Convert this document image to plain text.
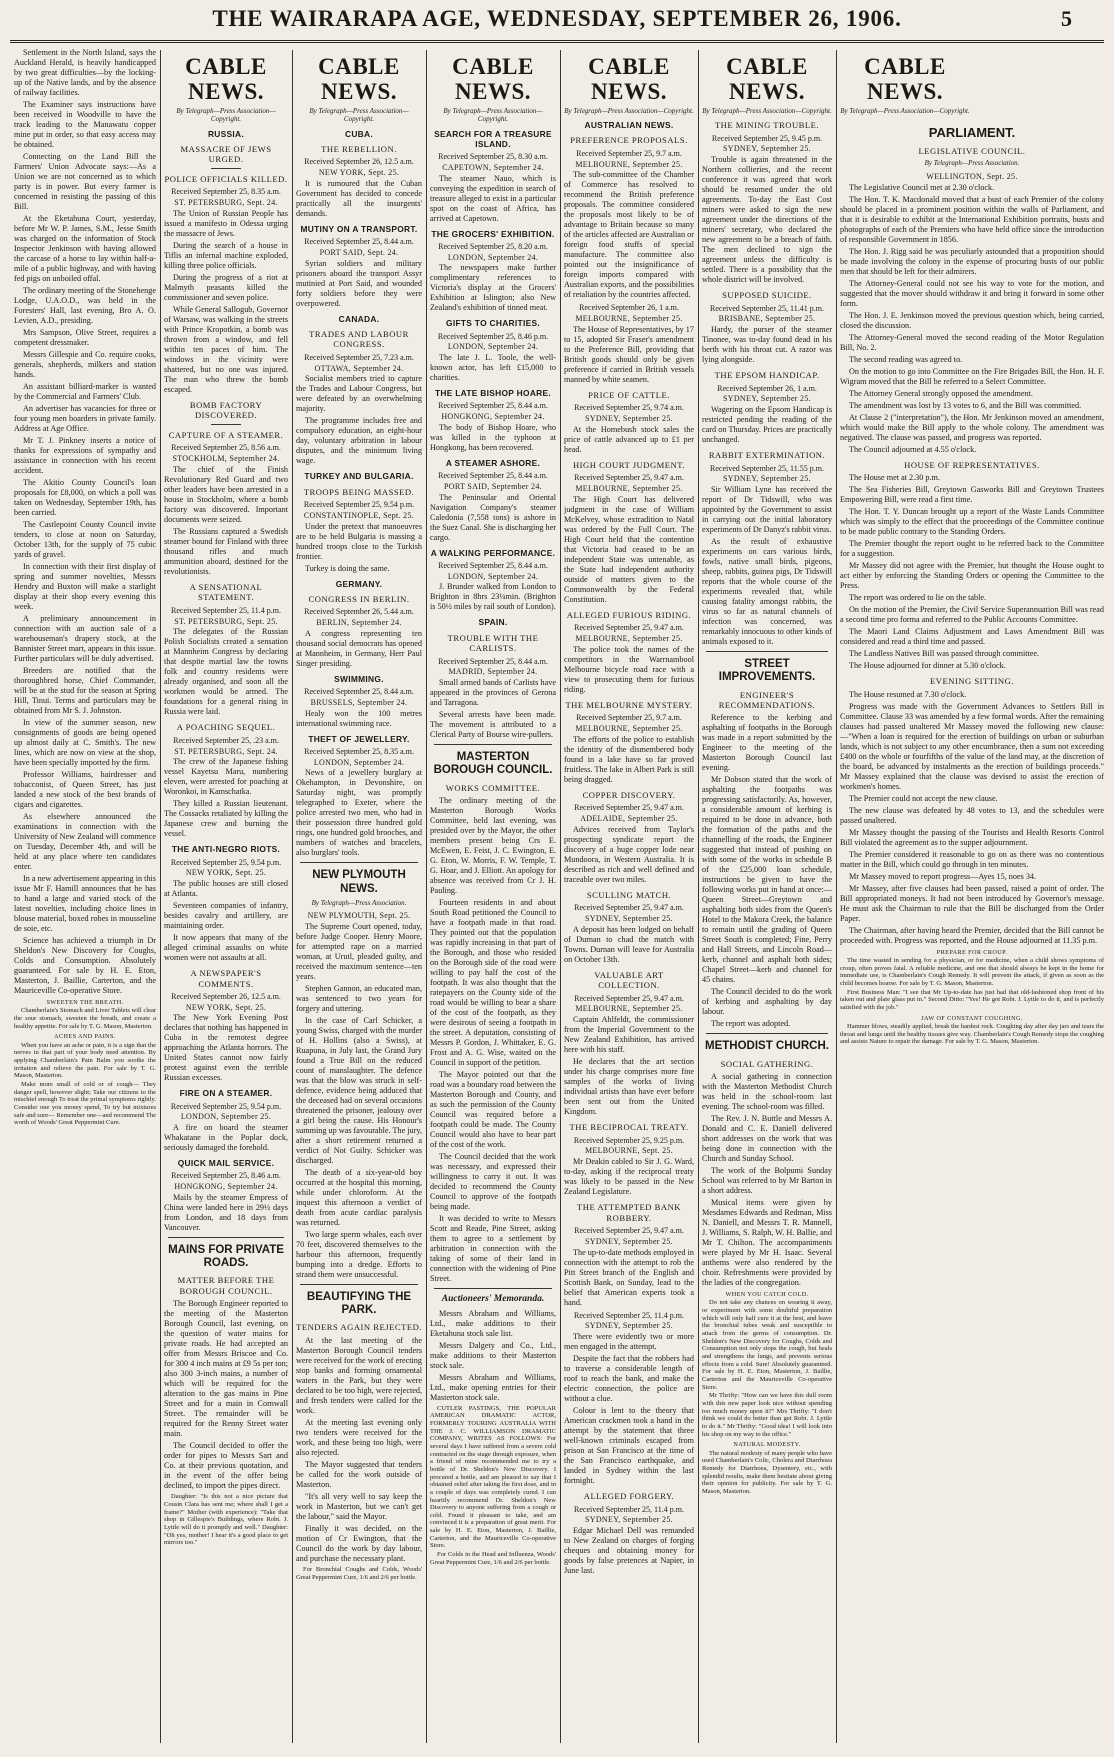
THE WAIRARAPA AGE, WEDNESDAY, SEPTEMBER 26, 1906.	5

Settlement in the North Island, says the Auckland Herald, is heavily handicapped by two great difficulties—by the locking-up of the Native lands, and by the absence of railway facilities.

The Examiner says instructions have been received in Woodville to have the track leading to the Manawatu copper mine put in order, so that easy access may be obtained.

Connecting on the Land Bill the Farmers' Union Advocate says:—As a Union we are not concerned as to which party is in power. But every farmer is concerned in resisting the passing of this Bill.

At the Eketahuna Court, yesterday, before Mr W. P. James, S.M., Jesse Smith was charged on the information of Stock Inspector Jenkinson with having allowed the carcase of a horse to lay within half-a-mile of a public highway, and with having fed pigs on unboiled offal.

The ordinary meeting of the Stonehenge Lodge, U.A.O.D., was held in the Foresters' Hall, last evening, Bro A. O. Levien, A.D., presiding.

Mrs Sampson, Olive Street, requires a competent dressmaker.

Messrs Gillespie and Co. require cooks, generals, shepherds, milkers and station hands.

An assistant billiard-marker is wanted by the Commercial and Farmers' Club.

An advertiser has vacancies for three or four young men boarders in private family. Address at Age Office.

Mr T. J. Pinkney inserts a notice of thanks for expressions of sympathy and assistance in connection with his recent accident.

The Akitio County Council's loan proposals for £8,000, on which a poll was taken on Wednesday, September 19th, has been carried.

The Castlepoint County Council invite tenders, to close at noon on Saturday, October 13th, for the supply of 75 cubic yards of gravel.

In connection with their first display of spring and summer novelties, Messrs Hendry and Buxton will make a starlight display at their shop every evening this week.

A preliminary announcement in connection with an auction sale of a warehouseman's drapery stock, at the Bannister Street mart, appears in this issue. Further particulars will be duly advertised.

Breeders are notified that the thoroughbred horse, Chief Commander, will be at the stud for the season at Spring Hill, Tinui. Terms and particulars may be obtained from Mr S. J. Johnston.

In view of the summer season, new consignments of goods are being opened up almost daily at C. Smith's. The new lines, which are now on view at the shop, have been specially imported by the firm.

Professor Williams, hairdresser and tobacconist, of Queen Street, has just landed a new stock of the best brands of cigars and cigarettes.

As elsewhere announced the examinations in connection with the University of New Zealand will commence on Tuesday, December 4th, and will be held at any place where ten candidates enter.

In a new advertisement appearing in this issue Mr F. Hamill announces that he has to hand a large and varied stock of the latest novelties, including choice lines in blouse material, boxed robes in mousseline de soie, etc.

Science has achieved a triumph in Dr Sheldon's New Discovery for Coughs, Colds and Consumption. Absolutely guaranteed. For sale by H. E. Eton, Masterton, J. Baillie, Carterton, and the Mauriceville Co-operative Store.

SWEETEN THE BREATH.

Chamberlain's Stomach and Liver Tablets will clear the sour stomach, sweeten the breath, and create a healthy appetite. For sale by T. G. Mason, Masterton.

ACHES AND PAINS.

When you have an ache or pain, it is a sign that the nerves in that part of your body need attention. By applying Chamberlain's Pain Balm you soothe the irritation and relieve the pain. For sale by T. G. Mason, Masterton.

Make more small of cold or of cough— They danger spell, however slight; Take our citizens to the mischief enough To treat the primal symptoms rightly. Consider one you money spend, To try but mixtures safe and sure— Remember one—and recommend The worth of Woods' Great Peppermint Cure.

CABLE NEWS.
By Telegraph—Press Association—Copyright.
RUSSIA.
MASSACRE OF JEWS URGED.
POLICE OFFICIALS KILLED.
Received September 25, 8.35 a.m.
ST. PETERSBURG, Sept. 24.

The Union of Russian People has issued a manifesto in Odessa urging the massacre of Jews.

During the search of a house in Tiflis an infernal machine exploded, killing three police officials.

During the progress of a riot at Malmyth peasants killed the commissioner and seven police.

While General Sallogub, Governor of Warsaw, was walking in the streets with Prince Kropotkin, a bomb was thrown from a window, and fell within ten paces of him. The windows in the vicinity were shattered, but no one was injured. The man who threw the bomb escaped.

BOMB FACTORY DISCOVERED.
CAPTURE OF A STEAMER.
Received September 25, 8.56 a.m.
STOCKHOLM, September 24.

The chief of the Finish Revolutionary Red Guard and two other leaders have been arrested in a house in Stockholm, where a bomb factory was discovered. Important documents were seized.

The Russians captured a Swedish steamer bound for Finland with three thousand rifles and much ammunition aboard, destined for the revolutionists.

A SENSATIONAL STATEMENT.
Received September 25, 11.4 p.m.
ST. PETERSBURG, Sept. 25.

The delegates of the Russian Polish Socialists created a sensation at Mannheim Congress by declaring that despite martial law the towns folk and country residents were already organised, and soon all the workmen would be armed. The foundations for a general rising in Russia were laid.

A POACHING SEQUEL.
Received September 25, .23 a.m.
ST. PETERSBURG, Sept. 24.

The crew of the Japanese fishing vessel Kayetsu Maru, numbering eleven, were arrested for poaching at Woronkoi, in Kamschatka.

They killed a Russian lieutenant. The Cossacks retaliated by killing the Japanese crew and burning the vessel.

THE ANTI-NEGRO RIOTS.
Received September 25, 9.54 p.m.
NEW YORK, Sept. 25.

The public houses are still closed at Atlanta.

Seventeen companies of infantry, besides cavalry and artillery, are maintaining order.

It now appears that many of the alleged criminal assaults on white women were not assaults at all.

A NEWSPAPER'S COMMENTS.
Received September 26, 12.5 a.m.
NEW YORK, Sept. 25.

The New York Evening Post declares that nothing has happened in Cuba in the remotest degree approaching the Atlanta horrors. The United States cannot now fairly protest against even the terrible Russian excesses.

FIRE ON A STEAMER.
Received September 25, 9.54 p.m.
LONDON, September 25.

A fire on board the steamer Whakatane in the Poplar dock, seriously damaged the forehold.

QUICK MAIL SERVICE.
Received September 25, 8.46 a.m.
HONGKONG, September 24.

Mails by the steamer Empress of China were landed here in 29½ days from London, and 18 days from Vancouver.

MAINS FOR PRIVATE ROADS.
MATTER BEFORE THE BOROUGH COUNCIL.

The Borough Engineer reported to the meeting of the Masterton Borough Council, last evening, on the question of water mains for private roads. He had accepted an offer from Messrs Briscoe and Co. for 300 4 inch mains at £9 5s per ton; also 300 3-inch mains, a number of which will be required for the alteration to the gas mains in Pine Street and for a main in Cornwall Street. The remainder will be required for the Renny Street water main.

The Council decided to offer the order for pipes to Messrs Sart and Co. at their previous quotation, and in the event of the offer being declined, to import the pipes direct.

Daughter: "Is this not a nice picture that Cousin Clara has sent me; where shall I get a frame?" Mother (with experience): "Take that shop in Gillespie's Buildings, where Robt. J. Lyttle will do it promptly and well." Daughter: "Oh yes, mother! I hear it's a good place to get mirrors too."

CABLE NEWS.
By Telegraph—Press Association—Copyright.
CUBA.
THE REBELLION.
Received September 26, 12.5 a.m.
NEW YORK, Sept. 25.

It is rumoured that the Cuban Government has decided to concede practically all the insurgents' demands.

MUTINY ON A TRANSPORT.
Received September 25, 8.44 a.m.
PORT SAID, Sept. 24.

Syrian soldiers and military prisoners aboard the transport Assyr mutinied at Port Said, and wounded forty soldiers before they were overpowered.

CANADA.
TRADES AND LABOUR CONGRESS.
Received September 25, 7.23 a.m.
OTTAWA, September 24.

Socialist members tried to capture the Trades and Labour Congress, but were defeated by an overwhelming majority.

The programme includes free and compulsory education, an eight-hour day, voluntary arbitration in labour disputes, and the minimum living wage.

TURKEY AND BULGARIA.
TROOPS BEING MASSED.
Received September 25, 9.54 p.m.
CONSTANTINOPLE, Sept. 25.

Under the pretext that manoeuvres are to be held Bulgaria is massing a hundred troops close to the Turkish frontier.

Turkey is doing the same.

GERMANY.
CONGRESS IN BERLIN.
Received September 26, 5.44 a.m.
BERLIN, September 24.

A congress representing ten thousand social democrats has opened at Mannheim, in Germany, Herr Paul Singer presiding.

SWIMMING.
Received September 25, 8.44 a.m.
BRUSSELS, September 24.

Healy won the 100 metres international swimming race.

THEFT OF JEWELLERY.
Received September 25, 8.35 a.m.
LONDON, September 24.

News of a jewellery burglary at Okehampton, in Devonshire, on Saturday night, was promptly telegraphed to Exeter, where the police arrested two men, who had in their possession three hundred gold rings, one hundred gold brooches, and numbers of watches and bracelets, also burglars' tools.

NEW PLYMOUTH NEWS.
By Telegraph—Press Association.
NEW PLYMOUTH, Sept. 25.

The Supreme Court opened, today, before Judge Cooper. Henry Moore, for attempted rape on a married woman, at Urutl, pleaded guilty, and received the maximum sentence—ten years.

Stephen Gannon, an educated man, was sentenced to two years for forgery and uttering.

In the case of Carl Schicker, a young Swiss, charged with the murder of H. Hollins (also a Swiss), at Ruapuna, in July last, the Grand Jury found a True Bill on the reduced count of manslaughter. The defence was that the blow was struck in self-defence, evidence being adduced that the deceased had on several occasions threatened the prisoner, jealousy over a girl being the cause. His Honour's summing up was favourable. The jury, after a short retirement returned a verdict of Not Guilty. Schicker was discharged.

The death of a six-year-old boy occurred at the hospital this morning, while under chloroform. At the inquest this afternoon a verdict of death from acute cardiac paralysis was returned.

Two large sperm whales, each over 70 feet, discovered themselves to the harbour this afternoon, frequently bumping into a dredge. Efforts to strand them were unsuccessful.

BEAUTIFYING THE PARK.
TENDERS AGAIN REJECTED.

At the last meeting of the Masterton Borough Council tenders were received for the work of erecting stop banks and forming ornamental waters in the Park, but they were declared to be too high, were rejected, and fresh tenders were called for the work.

At the meeting last evening only two tenders were received for the work, and these being too high, were also rejected.

The Mayor suggested that tenders be called for the work outside of Masterton.

"It's all very well to say keep the work in Masterton, but we can't get the labour," said the Mayor.

Finally it was decided, on the motion of Cr Ewington, that the Council do the work by day labour, and purchase the necessary plant.

For Bronchial Coughs and Colds, Woods' Great Peppermint Cure, 1/6 and 2/6 per bottle.

CABLE NEWS.
By Telegraph—Press Association—Copyright.
SEARCH FOR A TREASURE ISLAND.
Received September 25, 8.30 a.m.
CAPETOWN, September 24.

The steamer Nauo, which is conveying the expedition in search of treasure alleged to exist in a particular spot on the coast of Africa, has arrived at Capetown.

THE GROCERS' EXHIBITION.
Received September 25, 8.20 a.m.
LONDON, September 24.

The newspapers make further complimentary references to Victoria's display at the Grocers' Exhibition at Islington; also New Zealand's exhibition of tinned meat.

GIFTS TO CHARITIES.
Received September 25, 8.46 p.m.
LONDON, September 24.

The late J. L. Toole, the well-known actor, has left £15,000 to charities.

THE LATE BISHOP HOARE.
Received September 25, 8.44 a.m.
HONGKONG, September 24.

The body of Bishop Hoare, who was killed in the typhoon at Hongkong, has been recovered.

A STEAMER ASHORE.
Received September 25, 8.44 a.m.
PORT SAID, September 24.

The Peninsular and Oriental Navigation Company's steamer Caledonia (7,558 tons) is ashore in the Suez Canal. She is discharging her cargo.

A WALKING PERFORMANCE.
Received September 25, 8.44 a.m.
LONDON, September 24.

J. Brunder walked from London to Brighton in 8hrs 23¼min. (Brighton is 50½ miles by rail south of London).

SPAIN.
TROUBLE WITH THE CARLISTS.
Received September 25, 8.44 a.m.
MADRID, September 24.

Small armed bands of Carlists have appeared in the provinces of Gerona and Tarragona.

Several arrests have been made. The movement is attributed to a Clerical Party of Bourse wire-pullers.

MASTERTON BOROUGH COUNCIL.
WORKS COMMITTEE.

The ordinary meeting of the Masterton Borough Works Committee, held last evening, was presided over by the Mayor, the other members present being Crs E. McEwen, E. Feist, J. C. Ewington, E. G. Eton, W. Morris, F. W. Temple, T. G. Hoar, and J. Elliott. An apology for absence was received from Cr J. H. Pauling.

Fourteen residents in and about South Road petitioned the Council to have a footpath made in that road. They pointed out that the population was rapidly increasing in that part of the Borough, and those who resided on the Borough side of the road were willing to pay half the cost of the footpath. It was also thought that the ratepayers on the County side of the road would be willing to bear a share of the cost of the footpath, as they were desirous of seeing a footpath in the street. A deputation, consisting of Messrs P. Gordon, J. Whittaker, E. G. Frost and A. G. Wise, waited on the Council in support of the petition.

The Mayor pointed out that the road was a boundary road between the Masterton Borough and County, and as such the permission of the County Council was required before a footpath could be made. The County Council would also have to bear part of the cost of the work.

The Council decided that the work was necessary, and expressed their willingness to carry it out. It was decided to recommend the County Council to approve of the footpath being made.

It was decided to write to Messrs Scott and Reade, Pine Street, asking them to agree to a settlement by arbitration in connection with the taking of some of their land in connection with the widening of Pine Street.

Auctioneers' Memoranda.

Messrs Abraham and Williams, Ltd., make additions to their Eketahuna stock sale list.

Messrs Dalgety and Co., Ltd., make additions to their Masterton stock sale.

Messrs Abraham and Williams, Ltd., make opening entries for their Masterton stock sale.

CUTLER PASTINGS, THE POPULAR AMERICAN DRAMATIC ACTOR, FORMERLY TOURING AUSTRALIA WITH THE J. C. WILLIAMSON DRAMATIC COMPANY, WRITES AS FOLLOWS: For several days I have suffered from a severe cold contracted on the stage through exposure, when a friend of mine recommended me to try a bottle of Dr. Sheldon's New Discovery. I procured a bottle, and am pleased to say that I obtained relief after taking the first dose, and in a couple of days was completely cured. I can heartily recommend Dr. Sheldon's New Discovery to anyone suffering from a cough or cold. Found it pleasant to take, and am convinced it is a preparation of great merit. For sale by H. E. Eton, Masterton, J. Baillie, Carterton, and the Mauriceville Co-operative Store.

For Colds in the Head and Influenza, Woods' Great Peppermint Cure, 1/6 and 2/6 per bottle.

CABLE NEWS.
By Telegraph—Press Association—Copyright.
AUSTRALIAN NEWS.
PREFERENCE PROPOSALS.
Received September 25, 9.7 a.m.
MELBOURNE, September 25.

The sub-committee of the Chamber of Commerce has resolved to recommend the British preference proposals. The committee considered the proposals most likely to be of advantage to Britain because so many of the articles affected are Australian or foreign food stuffs of special manufacture. The committee also pointed out the insignificance of foreign imports compared with Australian exports, and the possibilities of retaliation by the countries affected.

Received September 26, 1 a.m.
MELBOURNE, September 25.

The House of Representatives, by 17 to 15, adopted Sir Fraser's amendment to the Preference Bill, providing that British goods should only be given preference if carried in British vessels manned by white seamen.

PRICE OF CATTLE.
Received September 25, 9.74 a.m.
SYDNEY, September 25.

At the Homebush stock sales the price of cattle advanced up to £1 per head.

HIGH COURT JUDGMENT.
Received September 25, 9.47 a.m.
MELBOURNE, September 25.

The High Court has delivered judgment in the case of William McKelvey, whose extradition to Natal was ordered by the Full Court. The High Court held that the contention that Victoria had ceased to be an independent State was untenable, as the State had independent authority outside of matters given to the Commonwealth by the Federal Constitution.

ALLEGED FURIOUS RIDING.
Received September 25, 9.47 a.m.
MELBOURNE, September 25.

The police took the names of the competitors in the Warrnambool Melbourne bicycle road race with a view to prosecuting them for furious riding.

THE MELBOURNE MYSTERY.
Received September 25, 9.7 a.m.
MELBOURNE, September 25.

The efforts of the police to establish the identity of the dismembered body found in a lake have so far proved fruitless. The lake in Albert Park is still being dragged.

COPPER DISCOVERY.
Received September 25, 9.47 a.m.
ADELAIDE, September 25.

Advices received from Taylor's prospecting syndicate report the discovery of a huge copper lode near Mundoora, in Western Australia. It is described as rich and well defined and traceable over two miles.

SCULLING MATCH.
Received September 25, 9.47 a.m.
SYDNEY, September 25.

A deposit has been lodged on behalf of Durnan to chad the match with Towns. Durnan will leave for Australia on October 13th.

VALUABLE ART COLLECTION.
Received September 25, 9.47 a.m.
MELBOURNE, September 25.

Captain Ahlfeldt, the commissioner from the Imperial Government to the New Zealand Exhibition, has arrived here with his staff.

He declares that the art section under his charge comprises more fine samples of the works of living individual artists than have ever before been sent out from the United Kingdom.

THE RECIPROCAL TREATY.
Received September 25, 9.25 p.m.
MELBOURNE, Sept. 25.

Mr Deakin cabled to Sir J. G. Ward, to-day, asking if the reciprocal treaty was likely to be passed in the New Zealand Legislature.

THE ATTEMPTED BANK ROBBERY.
Received September 25, 9.47 a.m.
SYDNEY, September 25.

The up-to-date methods employed in connection with the attempt to rob the Pitt Street branch of the English and Scottish Bank, on Sunday, lead to the belief that American experts took a hand.

Received September 25, 11.4 p.m.
SYDNEY, September 25.

There were evidently two or more men engaged in the attempt.

Despite the fact that the robbers had to traverse a considerable length of roof to reach the bank, and make the electric connection, the police are without a clue.

Colour is lent to the theory that American crackmen took a hand in the attempt by the statement that three well-known criminals escaped from prison at San Francisco at the time of the San Francisco earthquake, and landed in Sydney within the last fortnight.

ALLEGED FORGERY.
Received September 25, 11.4 p.m.
SYDNEY, September 25.

Edgar Michael Dell was remanded to New Zealand on charges of forging cheques and obtaining money for goods by false pretences at Napier, in June last.

CABLE NEWS.
By Telegraph—Press Association—Copyright.
THE MINING TROUBLE.
Received September 25, 9.45 p.m.
SYDNEY, September 25.

Trouble is again threatened in the Northern collieries, and the recent conference it was agreed that work should be resumed under the old agreements. To-day the East Cost miners were asked to sign the new agreement under the directions of the miners' secretary, who declared the new agreement to be a breach of faith. The men declined to sign the agreement unless the difficulty is settled. There is a possibility that the whole district will be involved.

SUPPOSED SUICIDE.
Received September 25, 11.41 p.m.
BRISBANE, September 25.

Hardy, the purser of the steamer Tinonee, was to-day found dead in his berth with his throat cut. A razor was lying alongside.

THE EPSOM HANDICAP.
Received September 26, 1 a.m.
SYDNEY, September 25.

Wagering on the Epsom Handicap is restricted pending the reading of the card on Thursday. Prices are practically unchanged.

RABBIT EXTERMINATION.
Received September 25, 11.55 p.m.
SYDNEY, September 25.

Sir William Lyne has received the report of Dr Tidswill, who was appointed by the Government to assist in carrying out the initial laboratory experiments of Dr Danyz's rabbit virus.

As the result of exhaustive experiments on cars various birds, fowls, native small birds, pigeons, sheep, rabbits, guinea pigs, Dr Tidswill reports that the whole course of the experiments revealed that, while causing fatality amongst rabbits, the virus so far as natural channels of infection was concerned, was remarkably innocuous to other kinds of animals exposed to it.

STREET IMPROVEMENTS.
ENGINEER'S RECOMMENDATIONS.

Reference to the kerbing and asphalting of footpaths in the Borough was made in a report submitted by the Engineer to the meeting of the Masterton Borough Council last evening.

Mr Dobson stated that the work of asphalting the footpaths was progressing satisfactorily. As, however, a considerable amount of kerbing is required to be done in advance, both the formation of the paths and the channelling of the roads, the Engineer suggested that instead of pushing on with some of the works in schedule B of the £25,000 loan schedule, instructions be given to have the following works put in hand at once:—Queen Street—Greytown and asphalting both sides from the Queen's Hotel to the Makora Creek, the balance to remain until the grading of Queen Street South is completed; Fine, Perry and Hall Streets, and Lincoln Road—kerb, channel and asphalt both sides; Chapel Street—kerb and channel for 45 chains.

The Council decided to do the work of kerbing and asphalting by day labour.

The report was adopted.

METHODIST CHURCH.
SOCIAL GATHERING.

A social gathering in connection with the Masterton Methodist Church was held in the school-room last evening. The school-room was filled.

The Rev. J. N. Buttle and Messrs A. Donald and C. E. Daniell delivered short addresses on the work that was being done in connection with the Church and Sunday School.

The work of the Bolpumi Sunday School was referred to by Mr Barton in a short address.

Musical items were given by Mesdames Edwards and Redman, Miss N. Daniell, and Messrs T. R. Mannell, J. Williams, S. Ralph, W. H. Ballie, and Mr T. Chilton. The accompaniments were played by Mr H. Isaac. Several anthems were also rendered by the choir. Refreshments were provided by the ladies of the congregation.

WHEN YOU CATCH COLD.

Do not take any chances on wearing it away, or experiment with some doubtful preparation which will only half cure it at the best, and leave the bronchial tubes weak and susceptible to attack from the germs of consumption. Dr. Sheldon's New Discovery for Coughs, Colds and Consumption not only stops the cough, but heals and strengthens the lungs, and prevents serious effects from a cold. Sure! Absolutely guaranteed. For sale by H. E. Eton, Masterton, J. Baillie, Carterton and the Mauriceville Co-operative Store.

Mr Thrifty: "How can we have this dull room with this new paper look nice without spending too much money upon it?" Mrs Thrifty: "I don't think we could do better than get Robt. J. Lyttle to do it." Mr Thrifty: "Good idea! I will look into his shop on my way to the office."

NATURAL MODESTY.

The natural modesty of many people who have used Chamberlain's Colic, Cholera and Diarrhoea Remedy for Diarrhoea, Dysentery, etc., with splendid results, make them hesitate about giving their opinion for publicity. For sale by T. G. Mason, Masterton.

CABLE NEWS.
By Telegraph—Press Association—Copyright.
PARLIAMENT.
LEGISLATIVE COUNCIL.
By Telegraph—Press Association.
WELLINGTON, Sept. 25.

The Legislative Council met at 2.30 o'clock.

The Hon. T. K. Macdonald moved that a bust of each Premier of the colony should be placed in a prominent position within the walls of Parliament, and that it is desirable to exhibit at the International Exhibition portraits, busts and photographs of each of the Premiers who have held office since the introduction of responsible Government in 1856.

The Hon. J. Rigg said he was peculiarly astounded that a proposition should be made involving the colony in the expense of procuring busts of our public men that should be left for their admirers.

The Attorney-General could not see his way to vote for the motion, and suggested that the mover should withdraw it and bring it forward in some other form.

The Hon. J. E. Jenkinson moved the previous question which, being carried, closed the discussion.

The Attorney-General moved the second reading of the Motor Regulation Bill, No. 2.

The second reading was agreed to.

On the motion to go into Committee on the Fire Brigades Bill, the Hon. H. F. Wigram moved that the Bill be referred to a Select Committee.

The Attorney General strongly opposed the amendment.

The amendment was lost by 13 votes to 6, and the Bill was committed.

At Clause 2 ("interpretation"), the Hon. Mr Jenkinson moved an amendment, which would make the Bill apply to the whole colony. The amendment was negatived. The clause was passed, and progress was reported.

The Council adjourned at 4.55 o'clock.

HOUSE OF REPRESENTATIVES.

The House met at 2.30 p.m.

The Sea Fisheries Bill, Greytown Gasworks Bill and Greytown Trustees Empowering Bill, were read a first time.

The Hon. T. Y. Duncan brought up a report of the Waste Lands Committee which was simply to the effect that the proceedings of the Committee continue to be made public contrary to the Standing Orders.

The Premier thought the report ought to be referred back to the Committee for a suggestion.

Mr Massey did not agree with the Premier, but thought the House ought to act either by enforcing the Standing Orders or opening the Committee to the Press.

The report was ordered to lie on the table.

On the motion of the Premier, the Civil Service Superannuation Bill was read a second time pro forma and referred to the Public Accounts Committee.

The Maori Land Claims Adjustment and Laws Amendment Bill was considered and read a third time and passed.

The Landless Natives Bill was passed through committee.

The House adjourned for dinner at 5.30 o'clock.

EVENING SITTING.

The House resumed at 7.30 o'clock.

Progress was made with the Government Advances to Settlers Bill in Committee. Clause 33 was amended by a few formal words. After the remaining clauses had passed unaltered Mr Massey moved the following new clause:—"When a loan is required for the erection of buildings on urban or suburban lands, which is not subject to any other encumbrance, then a sum not exceeding £400 on the whole or fourfifths of the value of the land may, at the discretion of the board, be advanced by instalments as the erection of buildings proceeds." Mr Massey explained that the clause was devised to assist the erection of workmen's homes.

The Premier could not accept the new clause.

The new clause was defeated by 48 votes to 13, and the schedules were passed unaltered.

Mr Massey thought the passing of the Tourists and Health Resorts Control Bill violated the agreement as to the supper adjournment.

The Premier considered it reasonable to go on as there was no contentious matter in the Bill, which could go through in ten minutes.

Mr Massey moved to report progress—Ayes 15, noes 34.

Mr Massey, after five clauses had been passed, raised a point of order. The Bill appropriated moneys. It had not been introduced by Governor's message. He must ask the Chairman to rule that the Bill be discharged from the Order Paper.

The Chairman, after having heard the Premier, decided that the Bill cannot be proceeded with. Progress was reported, and the House adjourned at 11.35 p.m.

PREPARE FOR CROUP.

The time wasted in sending for a physician, or for medicine, when a child shows symptoms of croup, often proves fatal. A reliable medicine, and one that should always be kept in the home for immediate use, is Chamberlain's Cough Remedy. It will prevent the attack, if given as soon as the child becomes hoarse. For sale by T. G. Mason, Masterton.

First Business Man: "I see that Mr Up-to-date has just had that old-fashioned shop front of his taken out and plate glass put in." Second Ditto: "Yes! He got Robt. J. Lyttle to do it, and is perfectly satisfied with the job."

JAW OF CONSTANT COUGHING.

Hammer blows, steadily applied, break the hardest rock. Coughing day after day jars and tears the throat and lungs until the healthy tissues give way. Chamberlain's Cough Remedy stops the coughing and assists Nature to repair the damage. For sale by T. G. Mason, Masterton.
